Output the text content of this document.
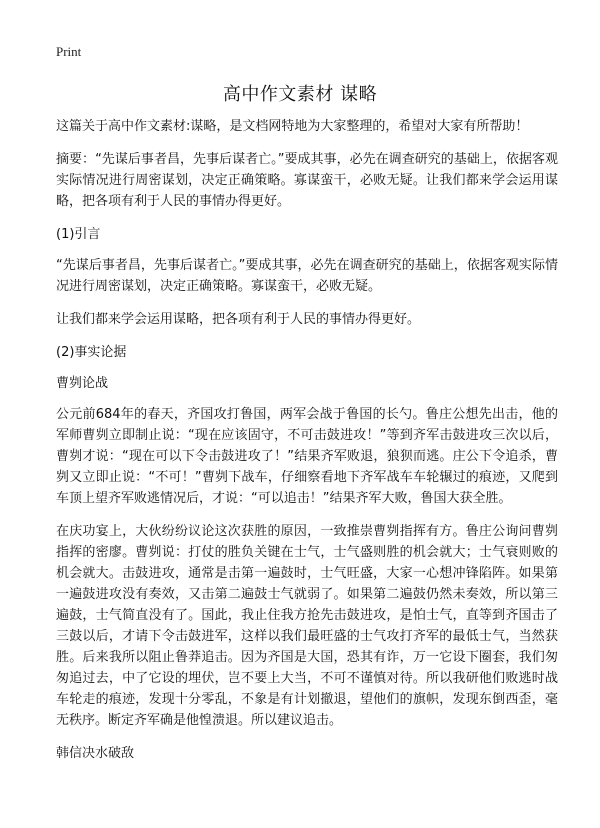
Print
高中作文素材 谋略

这篇关于高中作文素材:谋略，是文档网特地为大家整理的，希望对大家有所帮助！

摘要：“先谋后事者昌，先事后谋者亡。”要成其事，必先在调查研究的基础上，依据客观实际情况进行周密谋划，决定正确策略。寡谋蛮干，必败无疑。让我们都来学会运用谋略，把各项有利于人民的事情办得更好。

(1)引言

“先谋后事者昌，先事后谋者亡。”要成其事，必先在调查研究的基础上，依据客观实际情况进行周密谋划，决定正确策略。寡谋蛮干，必败无疑。

让我们都来学会运用谋略，把各项有利于人民的事情办得更好。

(2)事实论据

曹刿论战

公元前684年的春天，齐国攻打鲁国，两军会战于鲁国的长勺。鲁庄公想先出击，他的军师曹刿立即制止说：“现在应该固守，不可击鼓进攻！”等到齐军击鼓进攻三次以后，曹刿才说：“现在可以下令击鼓进攻了！”结果齐军败退，狼狈而逃。庄公下令追杀，曹刿又立即止说：“不可！”曹刿下战车，仔细察看地下齐军战车车轮辗过的痕迹，又爬到车顶上望齐军败逃情况后，才说：“可以追击！”结果齐军大败，鲁国大获全胜。

在庆功宴上，大伙纷纷议论这次获胜的原因，一致推崇曹刿指挥有方。鲁庄公询问曹刿指挥的密廖。曹刿说：打仗的胜负关键在士气，士气盛则胜的机会就大；士气衰则败的机会就大。击鼓进攻，通常是击第一遍鼓时，士气旺盛，大家一心想冲锋陷阵。如果第一遍鼓进攻没有奏效，又击第二遍鼓士气就弱了。如果第二遍鼓仍然未奏效，所以第三遍鼓，士气简直没有了。国此，我止住我方抢先击鼓进攻，是怕士气，直等到齐国击了三鼓以后，才请下令击鼓进军，这样以我们最旺盛的士气攻打齐军的最低士气，当然获胜。后来我所以阻止鲁莽追击。因为齐国是大国，恐其有诈，万一它设下圈套，我们匆匆追过去，中了它设的埋伏，岂不要上大当，不可不谨慎对待。所以我研他们败逃时战车轮走的痕迹，发现十分零乱，不象是有计划撤退，望他们的旗帜，发现东倒西歪，毫无秩序。断定齐军确是他惶溃退。所以建议追击。

韩信决水破敌
